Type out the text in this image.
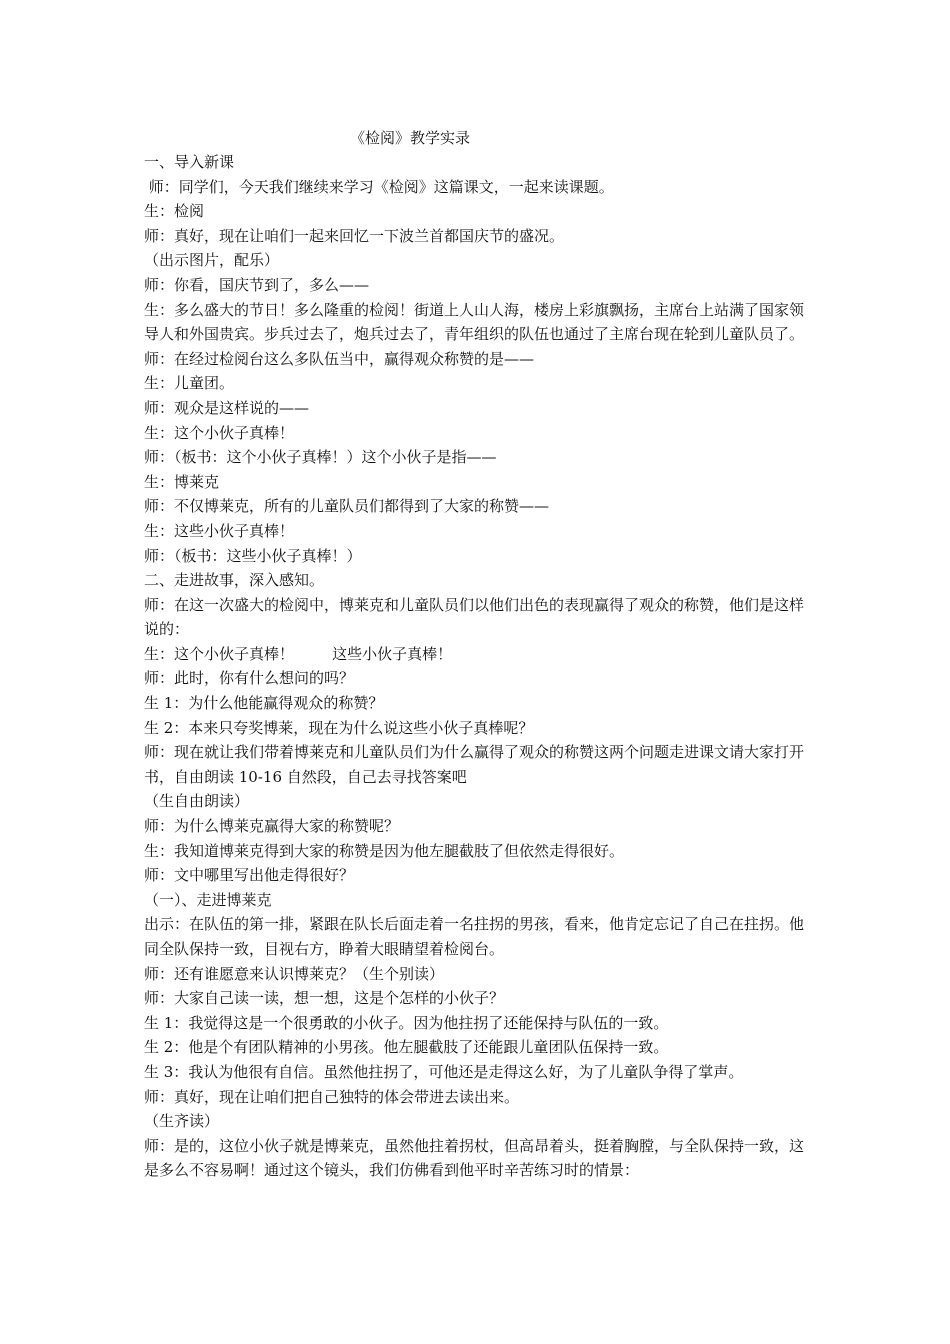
《检阅》教学实录

一、导入新课

师：同学们，今天我们继续来学习《检阅》这篇课文，一起来读课题。

生：检阅

师：真好，现在让咱们一起来回忆一下波兰首都国庆节的盛况。

（出示图片，配乐）

师：你看，国庆节到了，多么——

生：多么盛大的节日！多么隆重的检阅！街道上人山人海，楼房上彩旗飘扬，主席台上站满了国家领导人和外国贵宾。步兵过去了，炮兵过去了，青年组织的队伍也通过了主席台现在轮到儿童队员了。

师：在经过检阅台这么多队伍当中，赢得观众称赞的是——

生：儿童团。

师：观众是这样说的——

生：这个小伙子真棒！

师：（板书：这个小伙子真棒！）这个小伙子是指——

生：博莱克

师：不仅博莱克，所有的儿童队员们都得到了大家的称赞——

生：这些小伙子真棒！

师：（板书：这些小伙子真棒！）

二、走进故事，深入感知。

师：在这一次盛大的检阅中，博莱克和儿童队员们以他们出色的表现赢得了观众的称赞，他们是这样说的：

生：这个小伙子真棒！        这些小伙子真棒！

师：此时，你有什么想问的吗？

生 1：为什么他能赢得观众的称赞？

生 2：本来只夸奖博莱，现在为什么说这些小伙子真棒呢？

师：现在就让我们带着博莱克和儿童队员们为什么赢得了观众的称赞这两个问题走进课文请大家打开书，自由朗读 10-16 自然段，自己去寻找答案吧

（生自由朗读）

师：为什么博莱克赢得大家的称赞呢？

生：我知道博莱克得到大家的称赞是因为他左腿截肢了但依然走得很好。

师：文中哪里写出他走得很好？

（一）、走进博莱克

出示：在队伍的第一排，紧跟在队长后面走着一名拄拐的男孩，看来，他肯定忘记了自己在拄拐。他同全队保持一致，目视右方，睁着大眼睛望着检阅台。

师：还有谁愿意来认识博莱克？（生个别读）

师：大家自己读一读，想一想，这是个怎样的小伙子？

生 1：我觉得这是一个很勇敢的小伙子。因为他拄拐了还能保持与队伍的一致。

生 2：他是个有团队精神的小男孩。他左腿截肢了还能跟儿童团队伍保持一致。

生 3：我认为他很有自信。虽然他拄拐了，可他还是走得这么好，为了儿童队争得了掌声。

师：真好，现在让咱们把自己独特的体会带进去读出来。

（生齐读）

师：是的，这位小伙子就是博莱克，虽然他拄着拐杖，但高昂着头，挺着胸膛，与全队保持一致，这是多么不容易啊！通过这个镜头，我们仿佛看到他平时辛苦练习时的情景：
